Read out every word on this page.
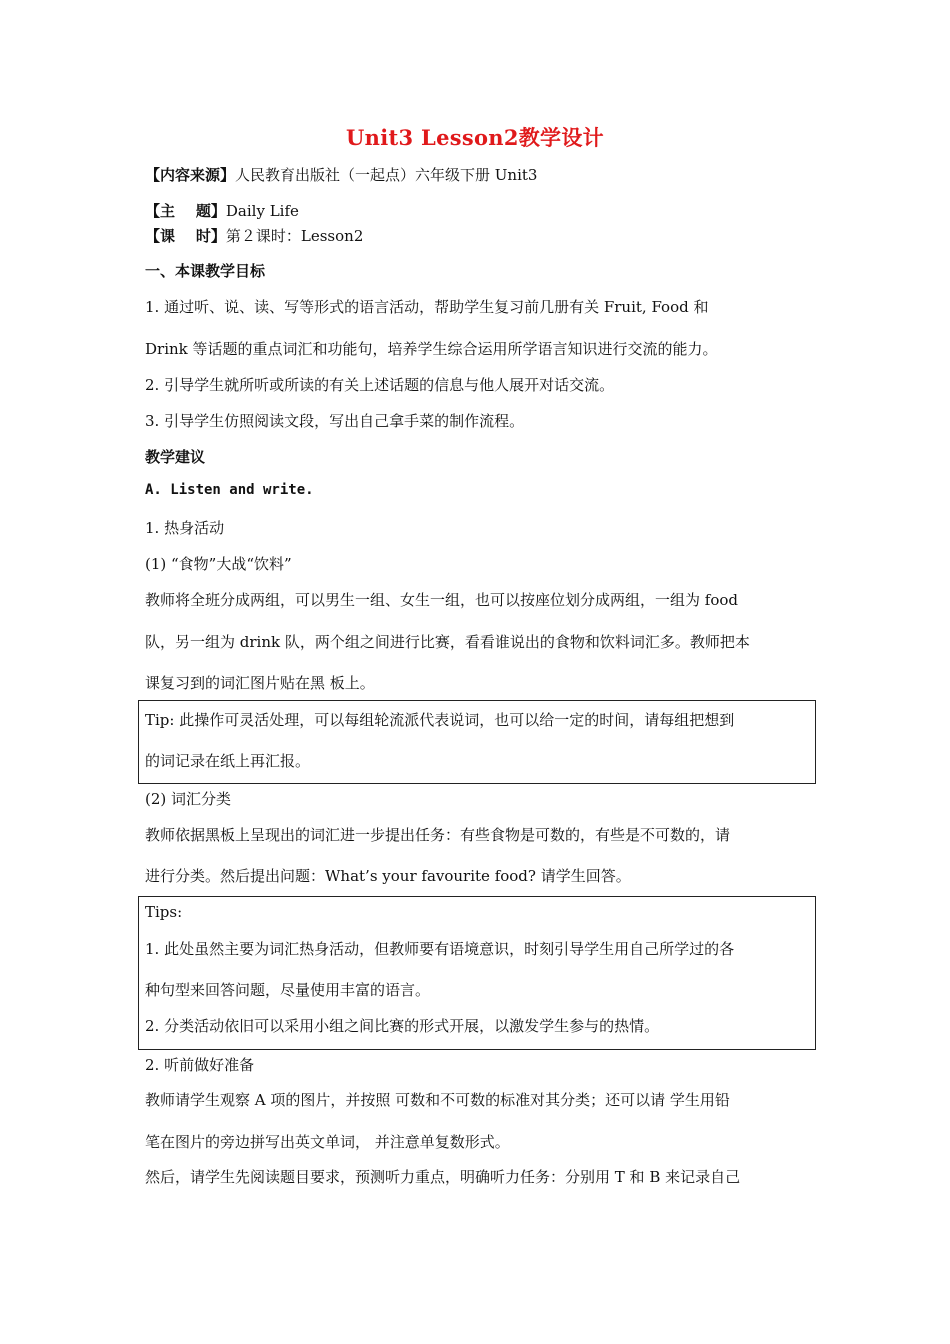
Unit3 Lesson2教学设计
【内容来源】人民教育出版社（一起点）六年级下册 Unit3
【主    题】Daily Life
【课    时】第２课时：Lesson2
一、本课教学目标
1. 通过听、说、读、写等形式的语言活动，帮助学生复习前几册有关 Fruit, Food 和
Drink 等话题的重点词汇和功能句，培养学生综合运用所学语言知识进行交流的能力。
2. 引导学生就所听或所读的有关上述话题的信息与他人展开对话交流。
3. 引导学生仿照阅读文段，写出自己拿手菜的制作流程。
教学建议
A. Listen and write.
1. 热身活动
(1) “食物”大战“饮料”
教师将全班分成两组，可以男生一组、女生一组，也可以按座位划分成两组，一组为 food
队，另一组为 drink 队，两个组之间进行比赛，看看谁说出的食物和饮料词汇多。教师把本
课复习到的词汇图片贴在黑 板上。
Tip: 此操作可灵活处理，可以每组轮流派代表说词，也可以给一定的时间，请每组把想到
的词记录在纸上再汇报。
(2) 词汇分类
教师依据黑板上呈现出的词汇进一步提出任务：有些食物是可数的，有些是不可数的，请
进行分类。然后提出问题：What’s your favourite food? 请学生回答。
Tips:
1. 此处虽然主要为词汇热身活动，但教师要有语境意识，时刻引导学生用自己所学过的各
种句型来回答问题，尽量使用丰富的语言。
2. 分类活动依旧可以采用小组之间比赛的形式开展，以激发学生参与的热情。
2. 听前做好准备
教师请学生观察 A 项的图片，并按照 可数和不可数的标准对其分类；还可以请 学生用铅
笔在图片的旁边拼写出英文单词， 并注意单复数形式。
然后，请学生先阅读题目要求，预测听力重点，明确听力任务：分别用 T 和 B 来记录自己
